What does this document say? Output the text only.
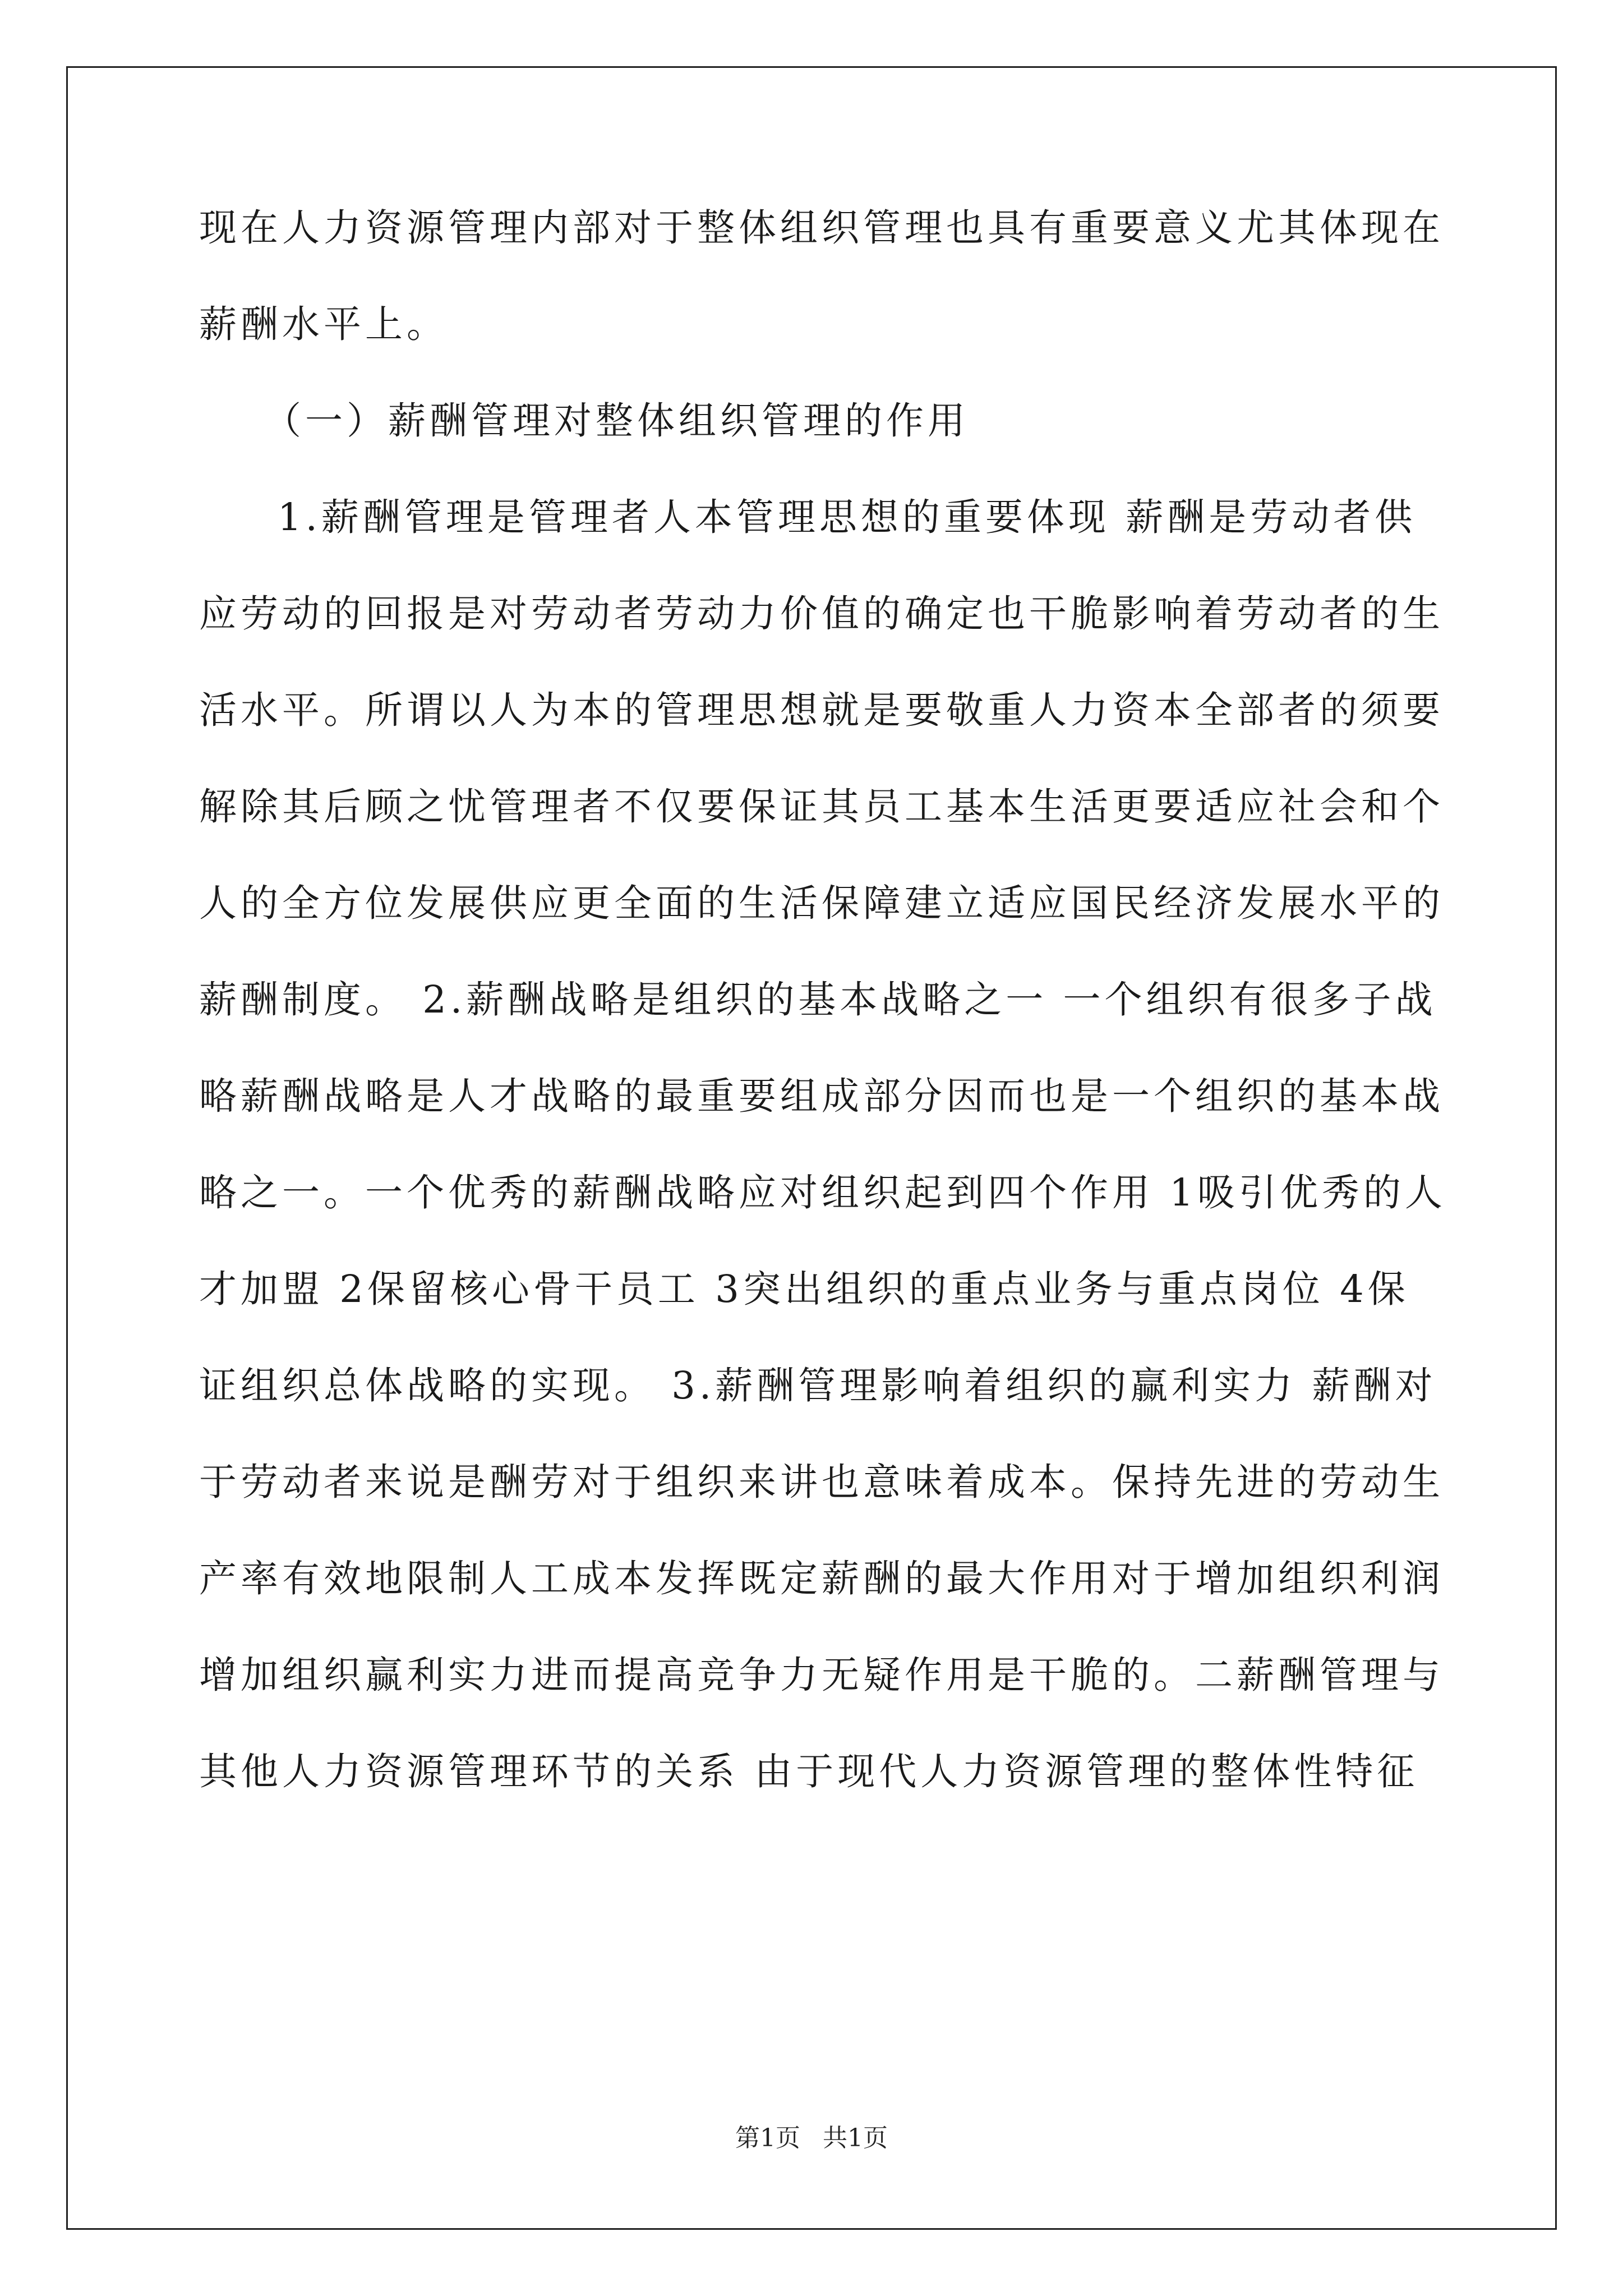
现在人力资源管理内部对于整体组织管理也具有重要意义尤其体现在
薪酬水平上。
（一）薪酬管理对整体组织管理的作用
1.薪酬管理是管理者人本管理思想的重要体现 薪酬是劳动者供
应劳动的回报是对劳动者劳动力价值的确定也干脆影响着劳动者的生
活水平。所谓以人为本的管理思想就是要敬重人力资本全部者的须要
解除其后顾之忧管理者不仅要保证其员工基本生活更要适应社会和个
人的全方位发展供应更全面的生活保障建立适应国民经济发展水平的
薪酬制度。 2.薪酬战略是组织的基本战略之一 一个组织有很多子战
略薪酬战略是人才战略的最重要组成部分因而也是一个组织的基本战
略之一。一个优秀的薪酬战略应对组织起到四个作用 1吸引优秀的人
才加盟 2保留核心骨干员工 3突出组织的重点业务与重点岗位 4保
证组织总体战略的实现。 3.薪酬管理影响着组织的赢利实力 薪酬对
于劳动者来说是酬劳对于组织来讲也意味着成本。保持先进的劳动生
产率有效地限制人工成本发挥既定薪酬的最大作用对于增加组织利润
增加组织赢利实力进而提高竞争力无疑作用是干脆的。二薪酬管理与
其他人力资源管理环节的关系 由于现代人力资源管理的整体性特征
第1页 共1页
